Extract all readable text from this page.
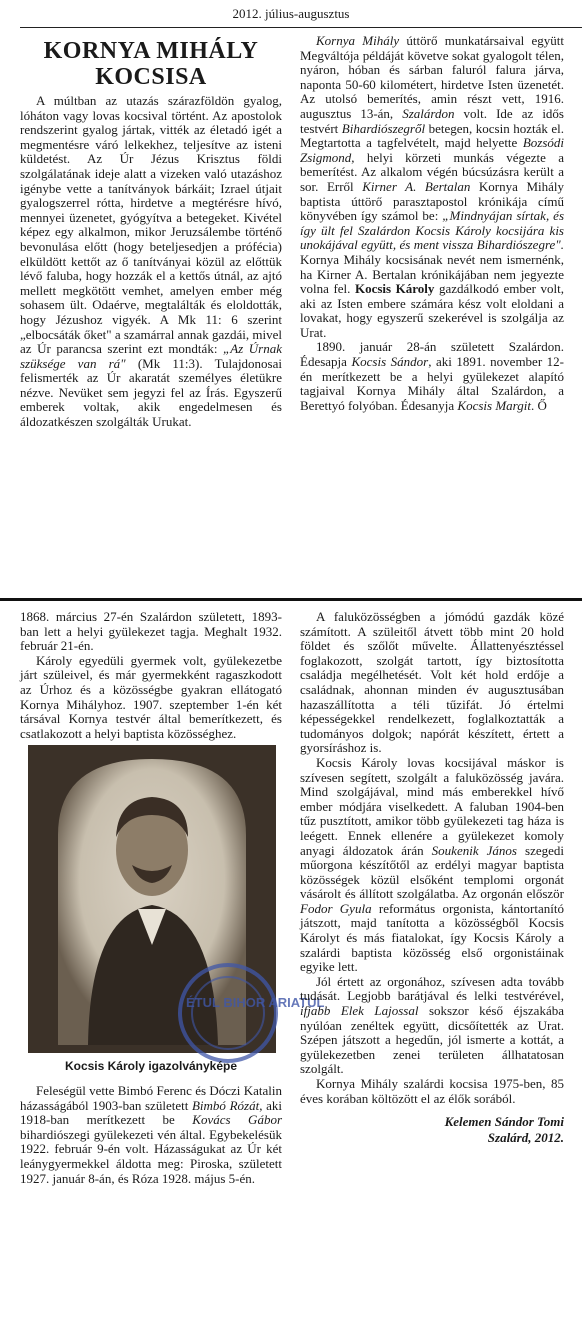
2012. július-augusztus
KORNYA MIHÁLY
KOCSISA

A múltban az utazás szárazföldön gyalog, lóháton vagy lovas kocsival történt. Az apostolok rendszerint gyalog jártak, vitték az életadó igét a megmentésre váró lelkekhez, teljesítve az isteni küldetést. Az Úr Jézus Krisztus földi szolgálatának ideje alatt a vizeken való utazáshoz igénybe vette a tanítványok bárkáit; Izrael útjait gyalogszerrel rótta, hirdetve a megtérésre hívó, mennyei üzenetet, gyógyítva a betegeket. Kivétel képez egy alkalmon, mikor Jeruzsálembe történő bevonulása előtt (hogy beteljesedjen a prófécia) elküldött kettőt az ő tanítványai közül az előttük lévő faluba, hogy hozzák el a kettős útnál, az ajtó mellett megkötött vemhet, amelyen ember még sohasem ült. Odaérve, megtalálták és eloldották, hogy Jézushoz vigyék. A Mk 11: 6 szerint „elbocsáták őket" a szamárral annak gazdái, mivel az Úr parancsa szerint ezt mondták: „Az Úrnak szüksége van rá" (Mk 11:3). Tulajdonosai felismerték az Úr akaratát személyes életükre nézve. Nevüket sem jegyzi fel az Írás. Egyszerű emberek voltak, akik engedelmesen és áldozatkészen szolgálták Urukat.

Kornya Mihály úttörő munkatársaival együtt Megváltója példáját követve sokat gyalogolt télen, nyáron, hóban és sárban faluról falura járva, naponta 50-60 kilométert, hirdetve Isten üzenetét. Az utolsó bemerítés, amin részt vett, 1916. augusztus 13-án, Szalárdon volt. Ide az idős testvért Bihardiószegről betegen, kocsin hozták el. Megtartotta a tagfelvételt, majd helyette Bozsódi Zsigmond, helyi körzeti munkás végezte a bemerítést. Az alkalom végén búcsúzásra került a sor. Erről Kirner A. Bertalan Kornya Mihály baptista úttörő parasztapostol krónikája című könyvében így számol be: „Mindnyájan sírtak, és így ült fel Szalárdon Kocsis Károly kocsijára kis unokájával együtt, és ment vissza Bihardiószegre". Kornya Mihály kocsisának nevét nem ismernénk, ha Kirner A. Bertalan krónikájában nem jegyezte volna fel. Kocsis Károly gazdálkodó ember volt, aki az Isten embere számára kész volt eloldani a lovakat, hogy egyszerű szekerével is szolgálja az Urat.

1890. január 28-án született Szalárdon. Édesapja Kocsis Sándor, aki 1891. november 12-én merítkezett be a helyi gyülekezet alapító tagjaival Kornya Mihály által Szalárdon, a Berettyó folyóban. Édesanyja Kocsis Margit. Ő

1868. március 27-én Szalárdon született, 1893-ban lett a helyi gyülekezet tagja. Meghalt 1932. február 21-én.

Károly egyedüli gyermek volt, gyülekezetbe járt szüleivel, és már gyermekként ragaszkodott az Úrhoz és a közösségbe gyakran ellátogató Kornya Mihályhoz. 1907. szeptember 1-én két társával Kornya testvér által bemerítkezett, és csatlakozott a helyi baptista közösséghez.

ÉTUL BIHOR ARIATUL
Kocsis Károly igazolványképe

Feleségül vette Bimbó Ferenc és Dóczi Katalin házasságából 1903-ban született Bimbó Rózát, aki 1918-ban merítkezett be Kovács Gábor bihardiószegi gyülekezeti vén által. Egybekelésük 1922. február 9-én volt. Házasságukat az Úr két leánygyermekkel áldotta meg: Piroska, született 1927. január 8-án, és Róza 1928. május 5-én.

A faluközösségben a jómódú gazdák közé számított. A szüleitől átvett több mint 20 hold földet és szőlőt művelte. Állattenyésztéssel foglakozott, szolgát tartott, így biztosította családja megélhetését. Volt két hold erdője a családnak, ahonnan minden év augusztusában hazaszállította a téli tűzifát. Jó értelmi képességekkel rendelkezett, foglalkoztatták a tudományos dolgok; napórát készített, értett a gyorsíráshoz is.

Kocsis Károly lovas kocsijával máskor is szívesen segített, szolgált a faluközösség javára. Mind szolgájával, mind más emberekkel hívő ember módjára viselkedett. A faluban 1904-ben tűz pusztított, amikor több gyülekezeti tag háza is leégett. Ennek ellenére a gyülekezet komoly anyagi áldozatok árán Soukenik János szegedi műorgona készítőtől az erdélyi magyar baptista közösségek közül elsőként templomi orgonát vásárolt és állított szolgálatba. Az orgonán először Fodor Gyula református orgonista, kántortanító játszott, majd tanította a közösségből Kocsis Károlyt és más fiatalokat, így Kocsis Károly a szalárdi baptista közösség első orgonistáinak egyike lett.

Jól értett az orgonához, szívesen adta tovább tudását. Legjobb barátjával és lelki testvérével, ifjabb Elek Lajossal sokszor késő éjszakába nyúlóan zenéltek együtt, dicsőítették az Urat. Szépen játszott a hegedűn, jól ismerte a kottát, a gyülekezetben zenei területen állhatatosan szolgált.

Kornya Mihály szalárdi kocsisa 1975-ben, 85 éves korában költözött el az élők sorából.

Kelemen Sándor Tomi
Szalárd, 2012.
